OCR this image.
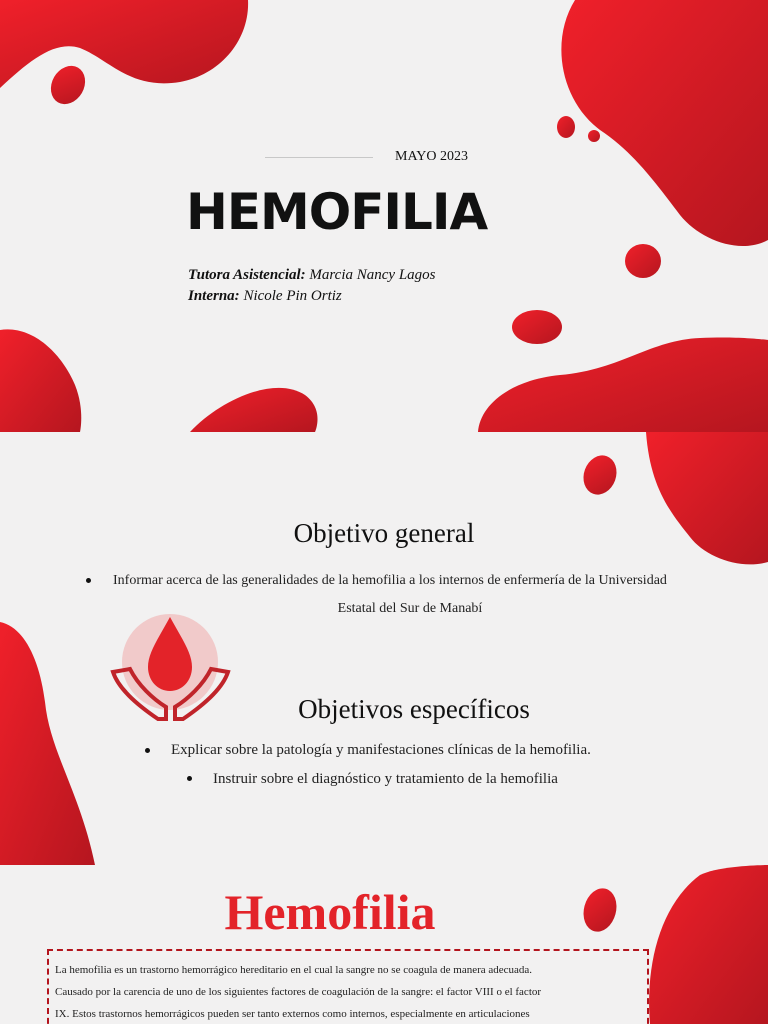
MAYO 2023
HEMOFILIA
Tutora Asistencial: Marcia Nancy Lagos
Interna: Nicole Pin Ortiz
Objetivo general
Informar acerca de las generalidades de la hemofilia a los internos de enfermería de la Universidad
Estatal del Sur de Manabí
Objetivos específicos
Explicar sobre la patología y manifestaciones clínicas de la hemofilia.
Instruir sobre el diagnóstico y tratamiento de la hemofilia
Hemofilia

La hemofilia es un trastorno hemorrágico hereditario en el cual la sangre no se coagula de manera adecuada.
Causado por la carencia de uno de los siguientes factores de coagulación de la sangre: el factor VIII o el factor
IX. Estos trastornos hemorrágicos pueden ser tanto externos como internos, especialmente en articulaciones
